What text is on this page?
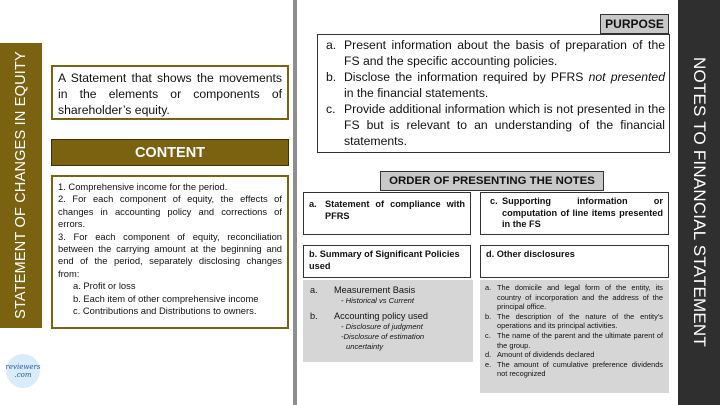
STATEMENT OF CHANGES IN EQUITY	A Statement that shows the movements in the elements or components of shareholder’s equity.
CONTENT
1. Comprehensive income for the period.
2. For each component of equity, the effects of changes in accounting policy and corrections of errors.
3. For each component of equity, reconciliation between the carrying amount at the beginning and end of the period, separately disclosing changes from:
a. Profit or loss
b. Each item of other comprehensive income
c. Contributions and Distributions to owners.
reviewers
.com
NOTES TO FINANCIAL STATEMENT
PURPOSE
a. Present information about the basis of preparation of the FS and the specific accounting policies.
b. Disclose the information required by PFRS not presented in the financial statements.
c. Provide additional information which is not presented in the FS but is relevant to an understanding of the financial statements.
ORDER OF PRESENTING THE NOTES
a. Statement of compliance with PFRS
c. Supporting information or computation of line items presented in the FS
b. Summary of Significant Policies used
d. Other disclosures
a.	Measurement Basis
- Historical vs Current
b.	Accounting policy used
- Disclosure of judgment
-Disclosure of estimation
uncertainty
a. The domicile and legal form of the entity, its country of incorporation and the address of the principal office.
b. The description of the nature of the entity’s operations and its principal activities.
c. The name of the parent and the ultimate parent of the group.
d. Amount of dividends declared
e. The amount of cumulative preference dividends not recognized
